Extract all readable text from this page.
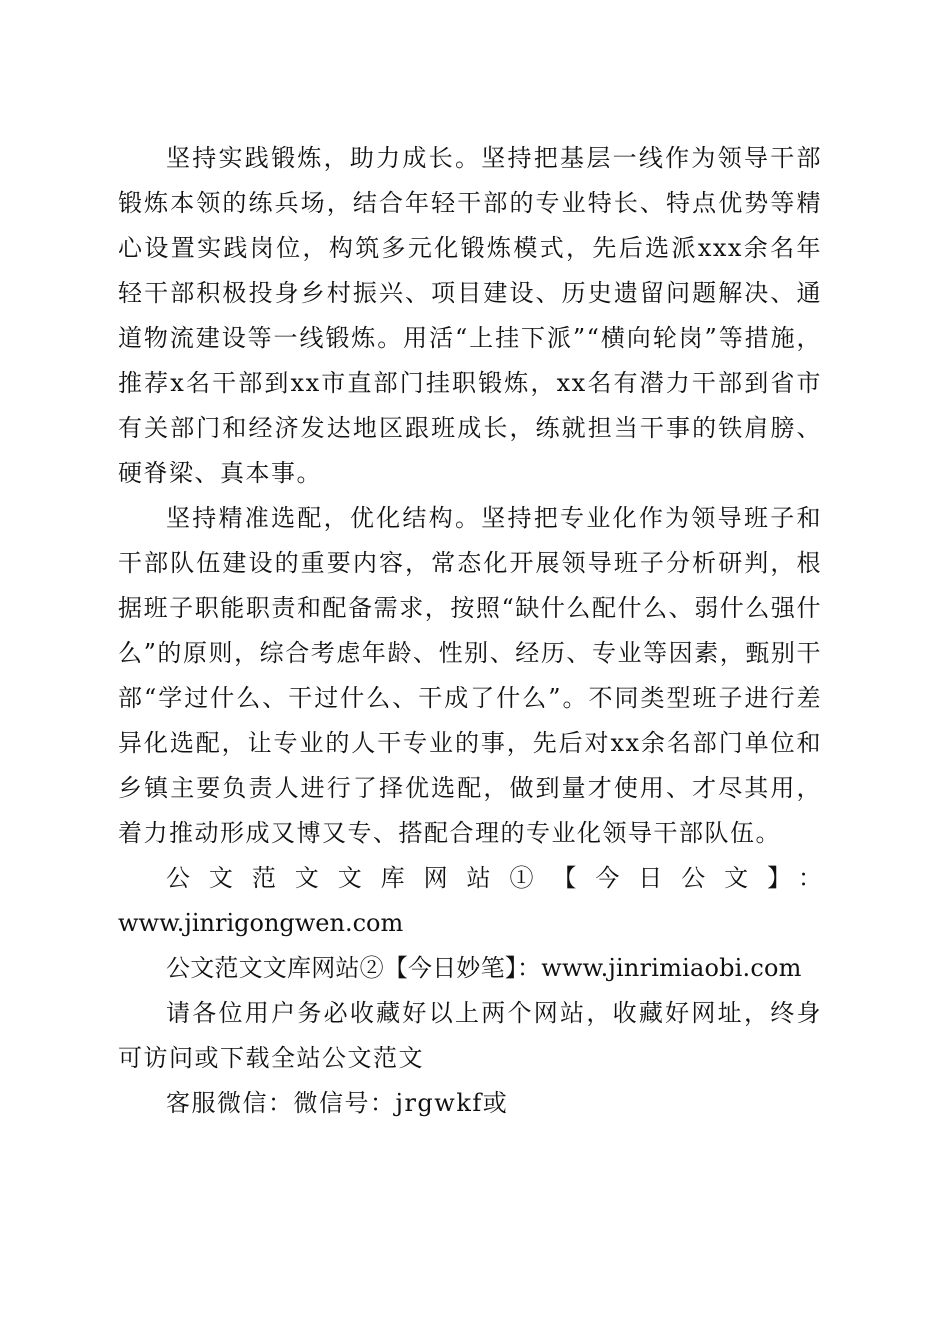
坚持实践锻炼，助力成长。坚持把基层一线作为领导干部锻炼本领的练兵场，结合年轻干部的专业特长、特点优势等精心设置实践岗位，构筑多元化锻炼模式，先后选派xxx余名年轻干部积极投身乡村振兴、项目建设、历史遗留问题解决、通道物流建设等一线锻炼。用活“上挂下派”“横向轮岗”等措施，推荐x名干部到xx市直部门挂职锻炼，xx名有潜力干部到省市有关部门和经济发达地区跟班成长，练就担当干事的铁肩膀、硬脊梁、真本事。

坚持精准选配，优化结构。坚持把专业化作为领导班子和干部队伍建设的重要内容，常态化开展领导班子分析研判，根据班子职能职责和配备需求，按照“缺什么配什么、弱什么强什么”的原则，综合考虑年龄、性别、经历、专业等因素，甄别干部“学过什么、干过什么、干成了什么”。不同类型班子进行差异化选配，让专业的人干专业的事，先后对xx余名部门单位和乡镇主要负责人进行了择优选配，做到量才使用、才尽其用，着力推动形成又博又专、搭配合理的专业化领导干部队伍。

公文范文文库网站①【今日公文】：
www.jinrigongwen.com

公文范文文库网站②【今日妙笔】：www.jinrimiaobi.com

请各位用户务必收藏好以上两个网站，收藏好网址，终身可访问或下载全站公文范文

客服微信：微信号：jrgwkf或
